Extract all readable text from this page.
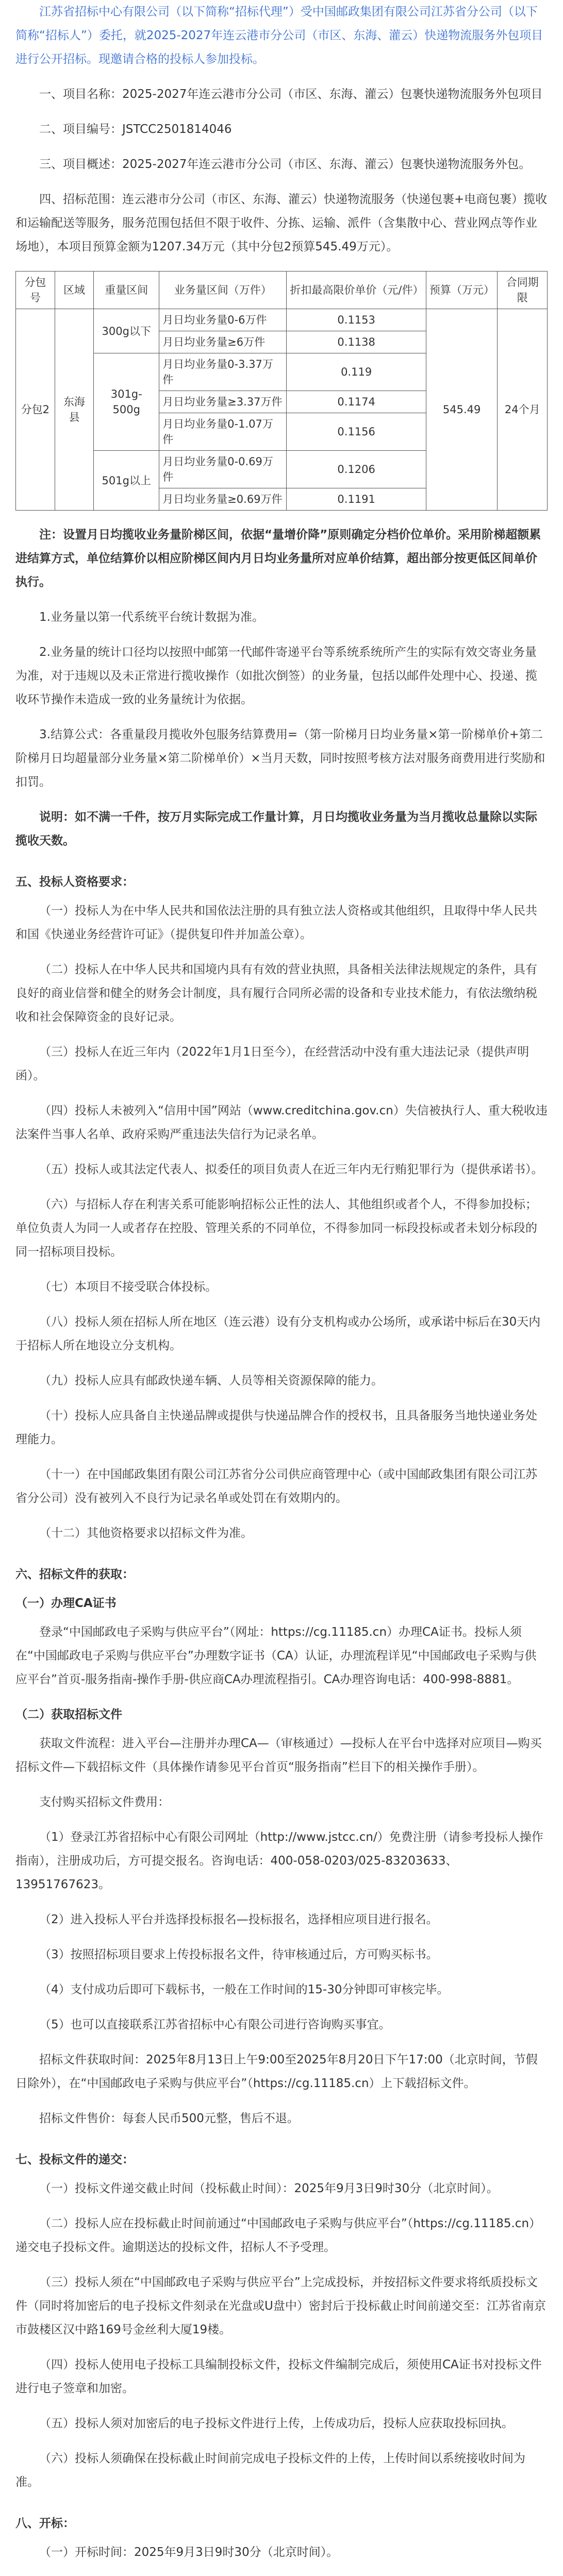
江苏省招标中心有限公司（以下简称“招标代理”）受中国邮政集团有限公司江苏省分公司（以下简称“招标人”）委托，就2025-2027年连云港市分公司（市区、东海、灌云）快递物流服务外包项目进行公开招标。现邀请合格的投标人参加投标。

一、项目名称：2025-2027年连云港市分公司（市区、东海、灌云）包裹快递物流服务外包项目

二、项目编号：JSTCC2501814046

三、项目概述：2025-2027年连云港市分公司（市区、东海、灌云）包裹快递物流服务外包。

四、招标范围：连云港市分公司（市区、东海、灌云）快递物流服务（快递包裹+电商包裹）揽收和运输配送等服务，服务范围包括但不限于收件、分拣、运输、派件（含集散中心、营业网点等作业场地），本项目预算金额为1207.34万元（其中分包2预算545.49万元）。

分包号	区域	重量区间	业务量区间（万件）	折扣最高限价单价（元/件）	预算（万元）	合同期限
分包2	东海县	300g以下	月日均业务量0-6万件	0.1153	545.49	24个月
			月日均业务量≥6万件	0.1138		
		301g-500g	月日均业务量0-3.37万件	0.119		
			月日均业务量≥3.37万件	0.1174		
			月日均业务量0-1.07万件	0.1156		
		501g以上	月日均业务量0-0.69万件	0.1206		
			月日均业务量≥0.69万件	0.1191		

注：设置月日均揽收业务量阶梯区间，依据“量增价降”原则确定分档价位单价。采用阶梯超额累进结算方式，单位结算价以相应阶梯区间内月日均业务量所对应单价结算，超出部分按更低区间单价执行。

1.业务量以第一代系统平台统计数据为准。

2.业务量的统计口径均以按照中邮第一代邮件寄递平台等系统系统所产生的实际有效交寄业务量为准，对于违规以及未正常进行揽收操作（如批次倒签）的业务量，包括以邮件处理中心、投递、揽收环节操作未造成一致的业务量统计为依据。

3.结算公式：各重量段月揽收外包服务结算费用=（第一阶梯月日均业务量×第一阶梯单价+第二阶梯月日均超量部分业务量×第二阶梯单价）×当月天数，同时按照考核方法对服务商费用进行奖励和扣罚。

说明：如不满一千件，按万月实际完成工作量计算，月日均揽收业务量为当月揽收总量除以实际揽收天数。

五、投标人资格要求：

（一）投标人为在中华人民共和国依法注册的具有独立法人资格或其他组织，且取得中华人民共和国《快递业务经营许可证》（提供复印件并加盖公章）。

（二）投标人在中华人民共和国境内具有有效的营业执照，具备相关法律法规规定的条件，具有良好的商业信誉和健全的财务会计制度，具有履行合同所必需的设备和专业技术能力，有依法缴纳税收和社会保障资金的良好记录。

（三）投标人在近三年内（2022年1月1日至今），在经营活动中没有重大违法记录（提供声明函）。

（四）投标人未被列入“信用中国”网站（www.creditchina.gov.cn）失信被执行人、重大税收违法案件当事人名单、政府采购严重违法失信行为记录名单。

（五）投标人或其法定代表人、拟委任的项目负责人在近三年内无行贿犯罪行为（提供承诺书）。

（六）与招标人存在利害关系可能影响招标公正性的法人、其他组织或者个人，不得参加投标；单位负责人为同一人或者存在控股、管理关系的不同单位，不得参加同一标段投标或者未划分标段的同一招标项目投标。

（七）本项目不接受联合体投标。

（八）投标人须在招标人所在地区（连云港）设有分支机构或办公场所，或承诺中标后在30天内于招标人所在地设立分支机构。

（九）投标人应具有邮政快递车辆、人员等相关资源保障的能力。

（十）投标人应具备自主快递品牌或提供与快递品牌合作的授权书，且具备服务当地快递业务处理能力。

（十一）在中国邮政集团有限公司江苏省分公司供应商管理中心（或中国邮政集团有限公司江苏省分公司）没有被列入不良行为记录名单或处罚在有效期内的。

（十二）其他资格要求以招标文件为准。

六、招标文件的获取：

（一）办理CA证书

登录“中国邮政电子采购与供应平台”（网址：https://cg.11185.cn）办理CA证书。投标人须在“中国邮政电子采购与供应平台”办理数字证书（CA）认证，办理流程详见“中国邮政电子采购与供应平台”首页-服务指南-操作手册-供应商CA办理流程指引。CA办理咨询电话：400-998-8881。

（二）获取招标文件

获取文件流程：进入平台—注册并办理CA—（审核通过）—投标人在平台中选择对应项目—购买招标文件—下载招标文件（具体操作请参见平台首页“服务指南”栏目下的相关操作手册）。

支付购买招标文件费用：

（1）登录江苏省招标中心有限公司网址（http://www.jstcc.cn/）免费注册（请参考投标人操作指南），注册成功后，方可提交报名。咨询电话：400-058-0203/025-83203633、13951767623。

（2）进入投标人平台并选择投标报名—投标报名，选择相应项目进行报名。

（3）按照招标项目要求上传投标报名文件，待审核通过后，方可购买标书。

（4）支付成功后即可下载标书，一般在工作时间的15-30分钟即可审核完毕。

（5）也可以直接联系江苏省招标中心有限公司进行咨询购买事宜。

招标文件获取时间：2025年8月13日上午9:00至2025年8月20日下午17:00（北京时间，节假日除外），在“中国邮政电子采购与供应平台”（https://cg.11185.cn）上下载招标文件。

招标文件售价：每套人民币500元整，售后不退。

七、投标文件的递交：

（一）投标文件递交截止时间（投标截止时间）：2025年9月3日9时30分（北京时间）。

（二）投标人应在投标截止时间前通过“中国邮政电子采购与供应平台”（https://cg.11185.cn）递交电子投标文件。逾期送达的投标文件，招标人不予受理。

（三）投标人须在“中国邮政电子采购与供应平台”上完成投标，并按招标文件要求将纸质投标文件（同时将加密后的电子投标文件刻录在光盘或U盘中）密封后于投标截止时间前递交至：江苏省南京市鼓楼区汉中路169号金丝利大厦19楼。

（四）投标人使用电子投标工具编制投标文件，投标文件编制完成后，须使用CA证书对投标文件进行电子签章和加密。

（五）投标人须对加密后的电子投标文件进行上传，上传成功后，投标人应获取投标回执。

（六）投标人须确保在投标截止时间前完成电子投标文件的上传，上传时间以系统接收时间为准。

八、开标：

（一）开标时间：2025年9月3日9时30分（北京时间）。
